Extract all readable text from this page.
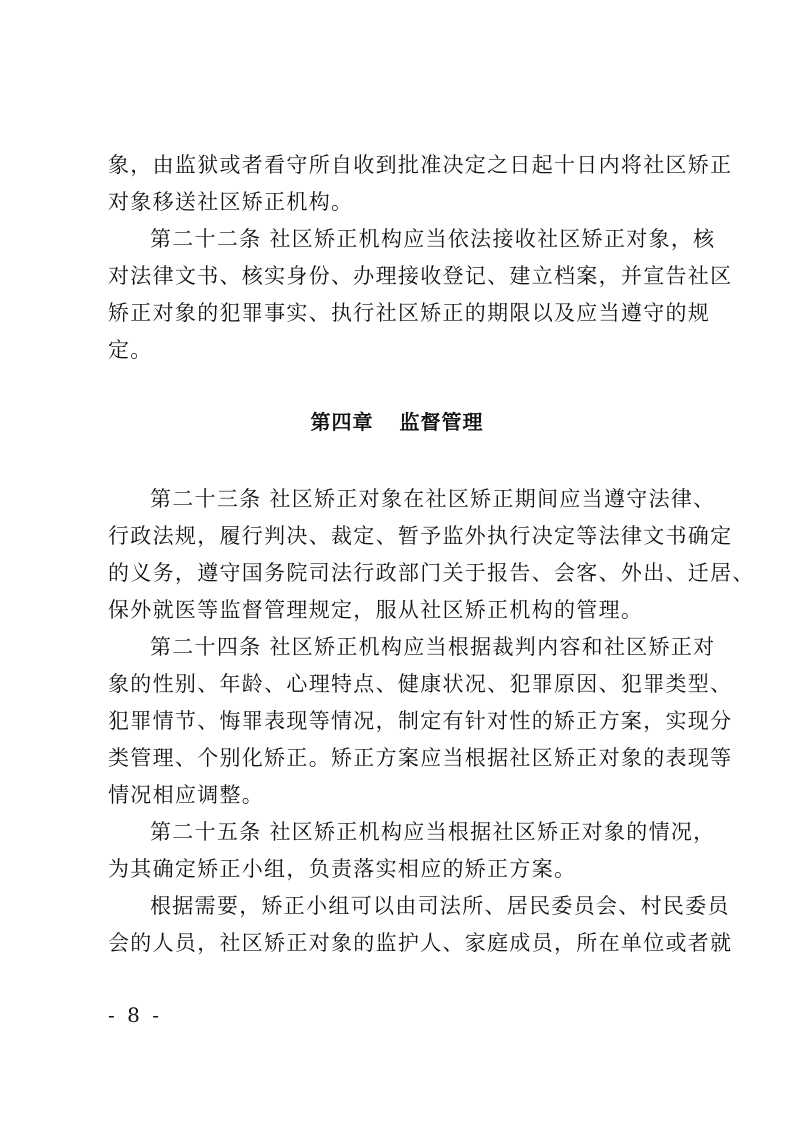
象，由监狱或者看守所自收到批准决定之日起十日内将社区矫正
对象移送社区矫正机构。
第二十二条 社区矫正机构应当依法接收社区矫正对象，核
对法律文书、核实身份、办理接收登记、建立档案，并宣告社区
矫正对象的犯罪事实、执行社区矫正的期限以及应当遵守的规
定。
第四章 监督管理
第二十三条 社区矫正对象在社区矫正期间应当遵守法律、
行政法规，履行判决、裁定、暂予监外执行决定等法律文书确定
的义务，遵守国务院司法行政部门关于报告、会客、外出、迁居、
保外就医等监督管理规定，服从社区矫正机构的管理。
第二十四条 社区矫正机构应当根据裁判内容和社区矫正对
象的性别、年龄、心理特点、健康状况、犯罪原因、犯罪类型、
犯罪情节、悔罪表现等情况，制定有针对性的矫正方案，实现分
类管理、个别化矫正。矫正方案应当根据社区矫正对象的表现等
情况相应调整。
第二十五条 社区矫正机构应当根据社区矫正对象的情况，
为其确定矫正小组，负责落实相应的矫正方案。
根据需要，矫正小组可以由司法所、居民委员会、村民委员
会的人员，社区矫正对象的监护人、家庭成员，所在单位或者就
- 8 -
